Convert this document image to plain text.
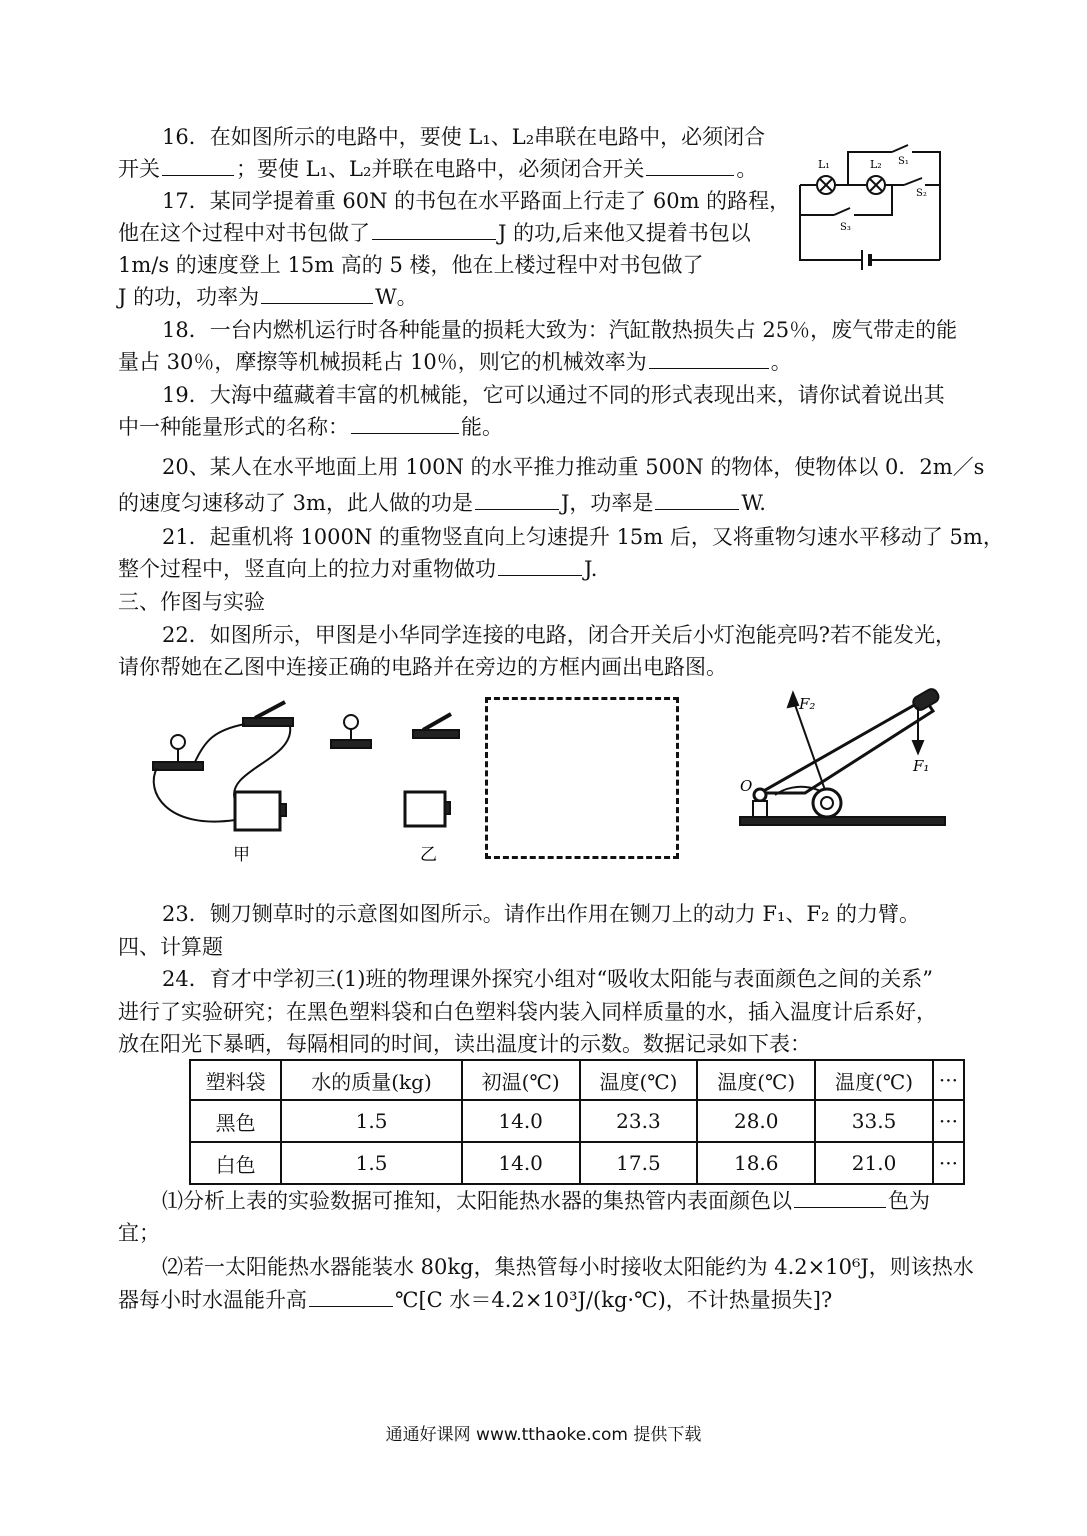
16．在如图所示的电路中，要使 L₁、L₂串联在电路中，必须闭合
开关	；要使 L₁、L₂并联在电路中，必须闭合开关	。	L₁	L₂ S₁
S₂
S₃
17．某同学提着重 60N 的书包在水平路面上行走了 60m 的路程，
他在这个过程中对书包做了	J 的功,后来他又提着书包以
1m/s 的速度登上 15m 高的 5 楼，他在上楼过程中对书包做了
J 的功，功率为	W。
18．一台内燃机运行时各种能量的损耗大致为：汽缸散热损失占 25％，废气带走的能
量占 30％，摩擦等机械损耗占 10％，则它的机械效率为	。
19．大海中蕴藏着丰富的机械能，它可以通过不同的形式表现出来，请你试着说出其
中一种能量形式的名称：	能。
20、某人在水平地面上用 100N 的水平推力推动重 500N 的物体，使物体以 0．2m／s
的速度匀速移动了 3m，此人做的功是	J，功率是	W.
21．起重机将 1000N 的重物竖直向上匀速提升 15m 后，又将重物匀速水平移动了 5m，
整个过程中，竖直向上的拉力对重物做功	J.
三、作图与实验
22．如图所示，甲图是小华同学连接的电路，闭合开关后小灯泡能亮吗?若不能发光，
请你帮她在乙图中连接正确的电路并在旁边的方框内画出电路图。
甲	乙
F₂
F₁
O
23．铡刀铡草时的示意图如图所示。请作出作用在铡刀上的动力 F₁、F₂ 的力臂。
四、计算题
24．育才中学初三(1)班的物理课外探究小组对“吸收太阳能与表面颜色之间的关系”
进行了实验研究；在黑色塑料袋和白色塑料袋内装入同样质量的水，插入温度计后系好，
放在阳光下暴晒，每隔相同的时间，读出温度计的示数。数据记录如下表：
塑料袋	水的质量(kg)	初温(℃)	温度(℃)	温度(℃)	温度(℃)	···
黑色	1.5	14.0	23.3	28.0	33.5	···
白色	1.5	14.0	17.5	18.6	21.0	···
⑴分析上表的实验数据可推知，太阳能热水器的集热管内表面颜色以	色为
宜；
⑵若一太阳能热水器能装水 80kg，集热管每小时接收太阳能约为 4.2×10⁶J，则该热水
器每小时水温能升高	℃[C 水＝4.2×10³J/(kg·℃)，不计热量损失]?
通通好课网 www.tthaoke.com 提供下载
